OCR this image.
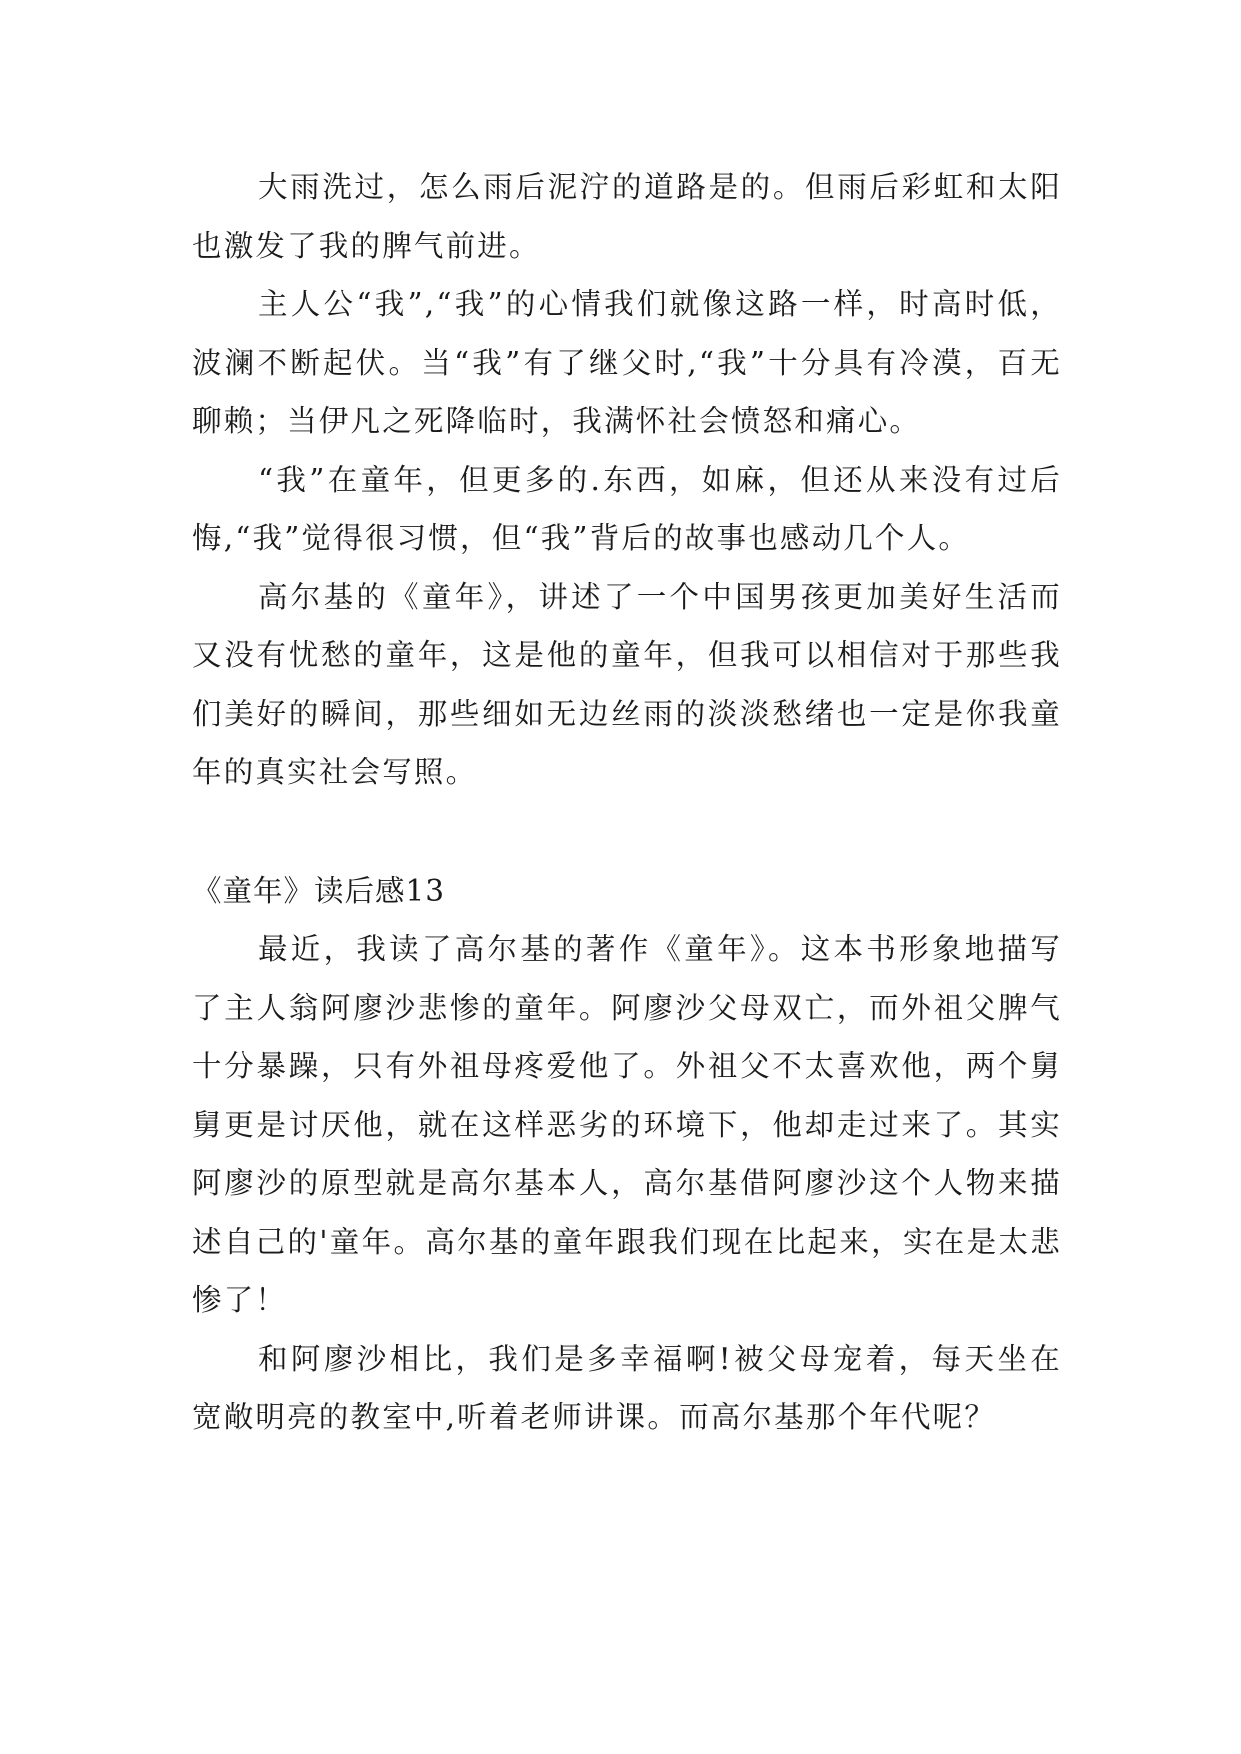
大雨洗过，怎么雨后泥泞的道路是的。但雨后彩虹和太阳也激发了我的脾气前进。

主人公“我”,“我”的心情我们就像这路一样，时高时低，波澜不断起伏。当“我”有了继父时,“我”十分具有冷漠，百无聊赖；当伊凡之死降临时，我满怀社会愤怒和痛心。

“我”在童年，但更多的.东西，如麻，但还从来没有过后悔,“我”觉得很习惯，但“我”背后的故事也感动几个人。

高尔基的《童年》，讲述了一个中国男孩更加美好生活而又没有忧愁的童年，这是他的童年，但我可以相信对于那些我们美好的瞬间，那些细如无边丝雨的淡淡愁绪也一定是你我童年的真实社会写照。

《童年》读后感13

最近，我读了高尔基的著作《童年》。这本书形象地描写了主人翁阿廖沙悲惨的童年。阿廖沙父母双亡，而外祖父脾气十分暴躁，只有外祖母疼爱他了。外祖父不太喜欢他，两个舅舅更是讨厌他，就在这样恶劣的环境下，他却走过来了。其实阿廖沙的原型就是高尔基本人，高尔基借阿廖沙这个人物来描述自己的'童年。高尔基的童年跟我们现在比起来，实在是太悲惨了！

和阿廖沙相比，我们是多幸福啊!被父母宠着，每天坐在宽敞明亮的教室中,听着老师讲课。而高尔基那个年代呢？
